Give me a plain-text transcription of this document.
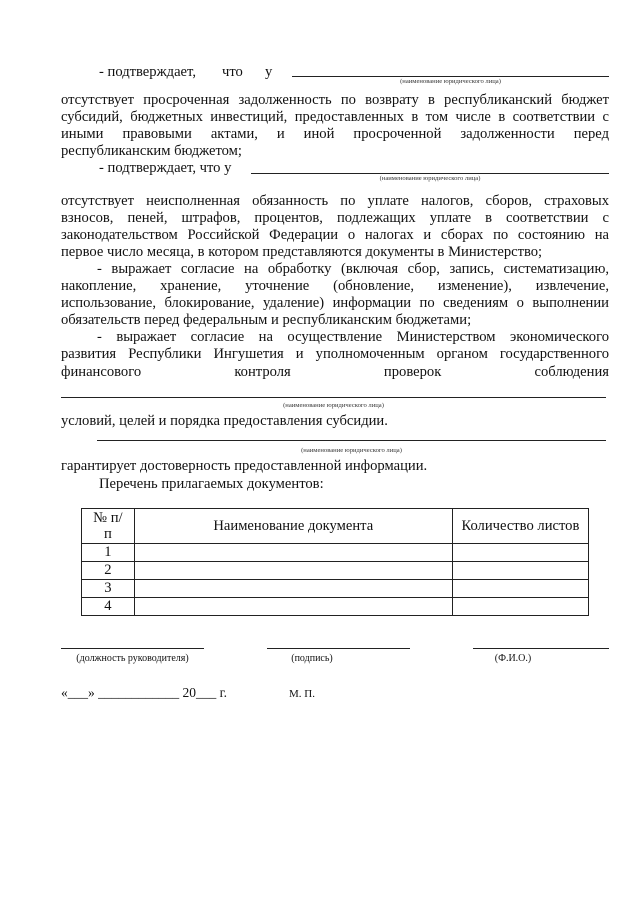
- подтверждает, что у
(наименование юридического лица)
отсутствует просроченная задолженность по возврату в республиканский бюджет
субсидий, бюджетных инвестиций, предоставленных в том числе в соответствии с
иными правовыми актами, и иной просроченной задолженности перед
республиканским бюджетом;
- подтверждает, что у
(наименование юридического лица)
отсутствует неисполненная обязанность по уплате налогов, сборов, страховых
взносов, пеней, штрафов, процентов, подлежащих уплате в соответствии с
законодательством Российской Федерации о налогах и сборах по состоянию на
первое число месяца, в котором представляются документы в Министерство;
- выражает согласие на обработку (включая сбор, запись, систематизацию,
накопление, хранение, уточнение (обновление, изменение), извлечение,
использование, блокирование, удаление) информации по сведениям о выполнении
обязательств перед федеральным и республиканским бюджетами;
- выражает согласие на осуществление Министерством экономического
развития Республики Ингушетия и уполномоченным органом государственного
финансового контроля проверок соблюдения
(наименование юридического лица)
условий, целей и порядка предоставления субсидии.
(наименование юридического лица)
гарантирует достоверность предоставленной информации.
Перечень прилагаемых документов:
№ п/п	Наименование документа	Количество листов
1		
2		
3		
4		
(должность руководителя)	(подпись)	(Ф.И.О.)
«___» ____________ 20___ г.	М. П.
